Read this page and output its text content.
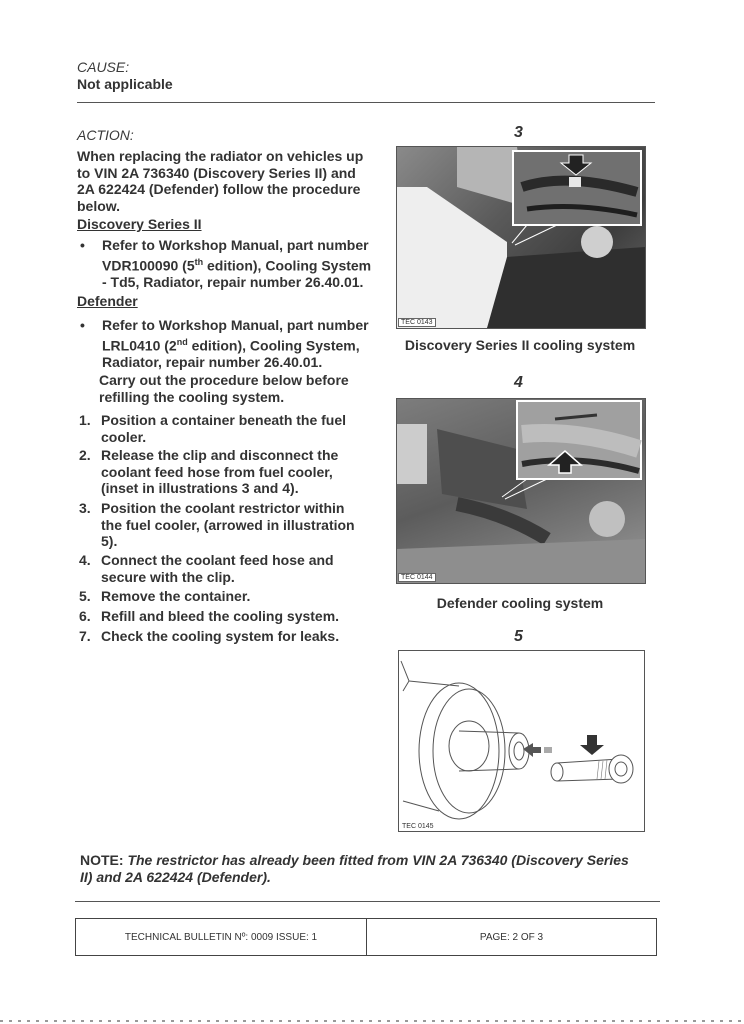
CAUSE:
Not applicable
ACTION:
When replacing the radiator on vehicles up
to VIN 2A 736340 (Discovery Series II) and
2A 622424 (Defender) follow the procedure
below.
Discovery Series II
•	Refer to Workshop Manual, part number
VDR100090 (5th edition), Cooling System
- Td5, Radiator, repair number 26.40.01.
Defender
•	Refer to Workshop Manual, part number
LRL0410 (2nd edition), Cooling System,
Radiator, repair number 26.40.01.
Carry out the procedure below before
refilling the cooling system.
1. Position a container beneath the fuel
cooler.
2. Release the clip and disconnect the
coolant feed hose from fuel cooler,
(inset in illustrations 3 and 4).
3. Position the coolant restrictor within
the fuel cooler, (arrowed in illustration
5).
4. Connect the coolant feed hose and
secure with the clip.
5. Remove the container.
6. Refill and bleed the cooling system.
7. Check the cooling system for leaks.
3
TEC 0143
Discovery Series II cooling system
4
TEC 0144
Defender cooling system
5
TEC 0145
NOTE: The restrictor has already been fitted from VIN 2A 736340 (Discovery Series
II) and 2A 622424 (Defender).
TECHNICAL BULLETIN Nº: 0009 ISSUE: 1	PAGE: 2 OF 3
